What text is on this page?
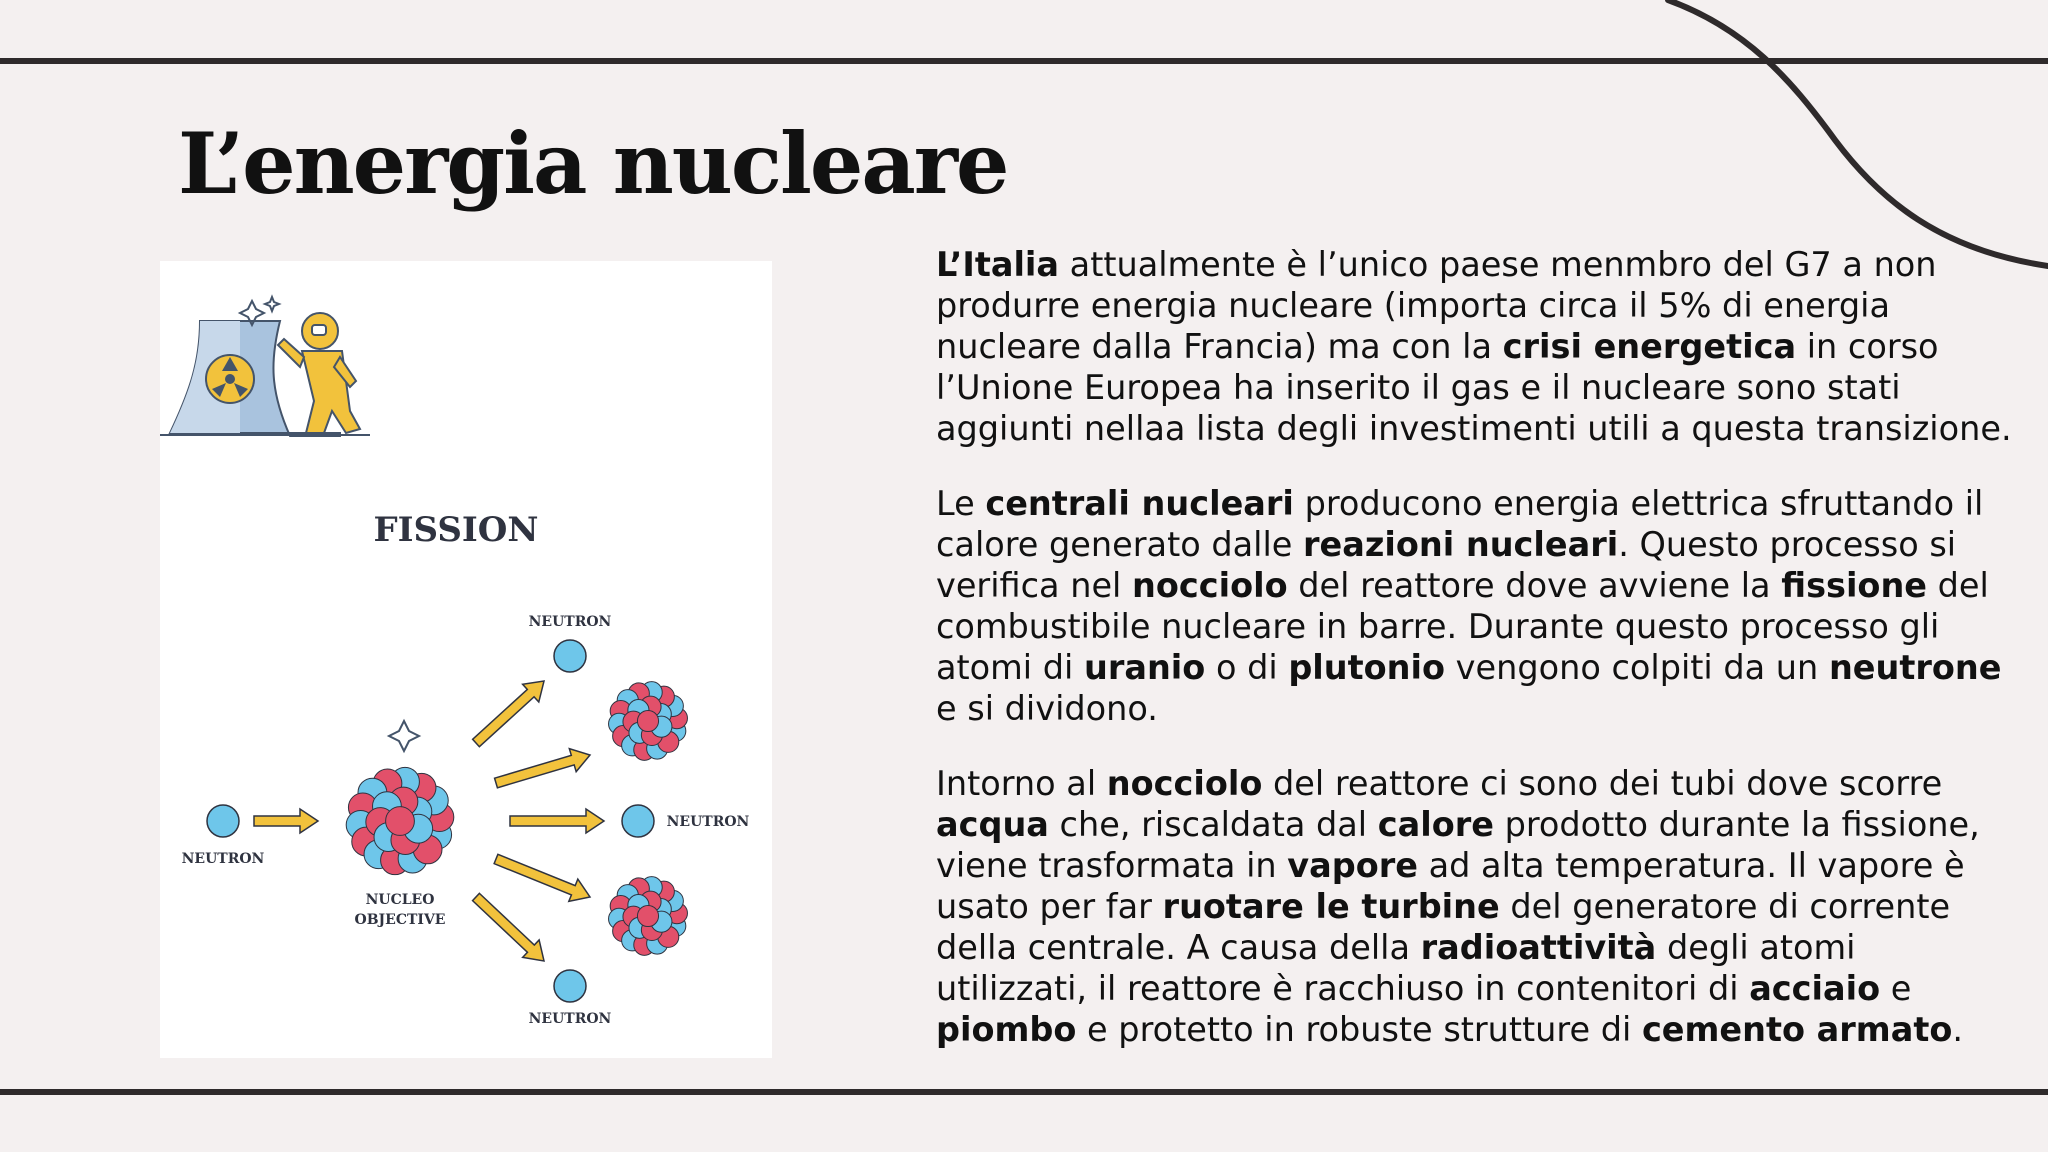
L’energia nucleare
FISSION
NEUTRON
NUCLEO
OBJECTIVE
NEUTRON
NEUTRON
NEUTRON

L’Italia attualmente è l’unico paese menmbro del G7 a non produrre energia nucleare (importa circa il 5% di energia nucleare dalla Francia) ma con la crisi energetica in corso l’Unione Europea ha inserito il gas e il nucleare sono stati aggiunti nellaa lista degli investimenti utili a questa transizione.

Le centrali nucleari producono energia elettrica sfruttando il calore generato dalle reazioni nucleari. Questo processo si verifica nel nocciolo del reattore dove avviene la fissione del combustibile nucleare in barre. Durante questo processo gli atomi di uranio o di plutonio vengono colpiti da un neutrone e si dividono.

Intorno al nocciolo del reattore ci sono dei tubi dove scorre acqua che, riscaldata dal calore prodotto durante la fissione, viene trasformata in vapore ad alta temperatura. Il vapore è usato per far ruotare le turbine del generatore di corrente della centrale. A causa della radioattività degli atomi utilizzati, il reattore è racchiuso in contenitori di acciaio e piombo e protetto in robuste strutture di cemento armato.
